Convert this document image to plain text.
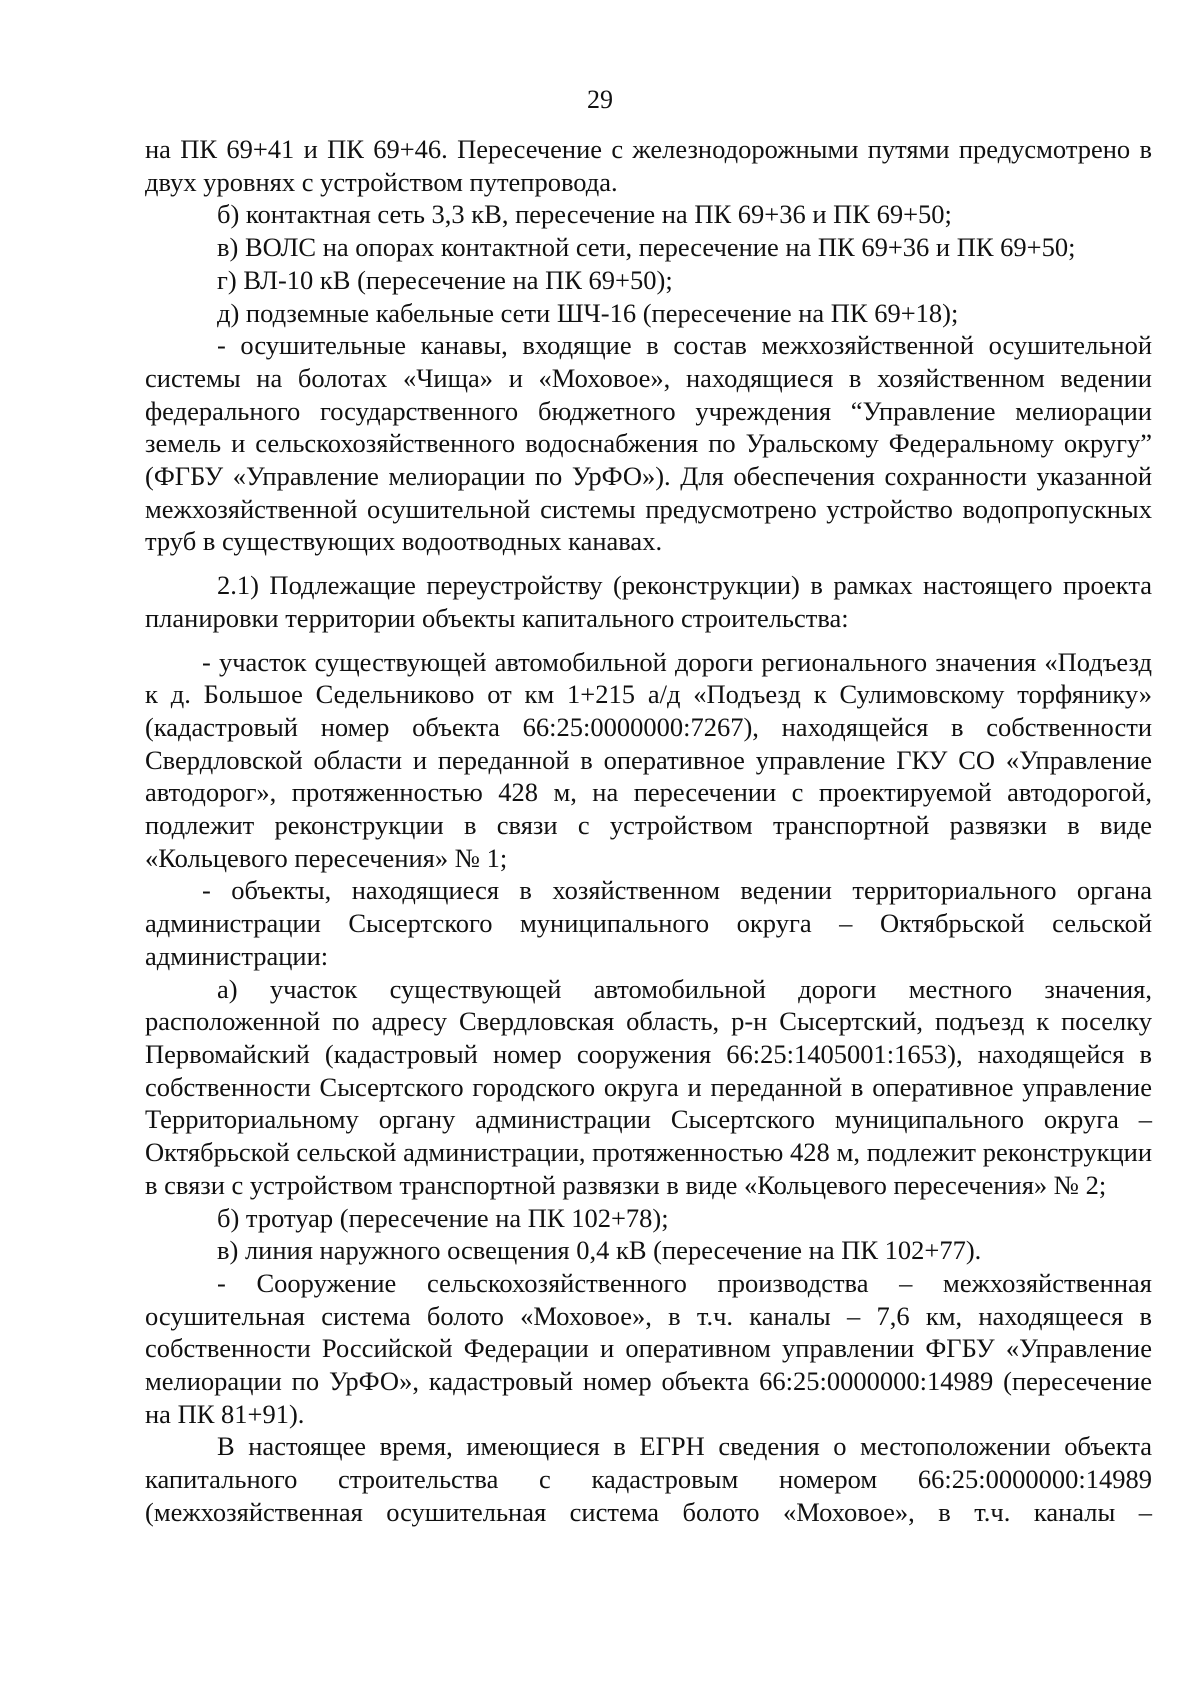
29

на ПК 69+41 и ПК 69+46. Пересечение с железнодорожными путями предусмотрено в двух уровнях с устройством путепровода.

б) контактная сеть 3,3 кВ, пересечение на ПК 69+36 и ПК 69+50;

в) ВОЛС на опорах контактной сети, пересечение на ПК 69+36 и ПК 69+50;

г) ВЛ-10 кВ (пересечение на ПК 69+50);

д) подземные кабельные сети ШЧ-16 (пересечение на ПК 69+18);

- осушительные канавы, входящие в состав межхозяйственной осушительной системы на болотах «Чища» и «Моховое», находящиеся в хозяйственном ведении федерального государственного бюджетного учреждения “Управление мелиорации земель и сельскохозяйственного водоснабжения по Уральскому Федеральному округу” (ФГБУ «Управление мелиорации по УрФО»). Для обеспечения сохранности указанной межхозяйственной осушительной системы предусмотрено устройство водопропускных труб в существующих водоотводных канавах.

2.1) Подлежащие переустройству (реконструкции) в рамках настоящего проекта планировки территории объекты капитального строительства:

- участок существующей автомобильной дороги регионального значения «Подъезд к д. Большое Седельниково от км 1+215 а/д «Подъезд к Сулимовскому торфянику» (кадастровый номер объекта 66:25:0000000:7267), находящейся в собственности Свердловской области и переданной в оперативное управление ГКУ СО «Управление автодорог», протяженностью 428 м, на пересечении с проектируемой автодорогой, подлежит реконструкции в связи с устройством транспортной развязки в виде «Кольцевого пересечения» № 1;

- объекты, находящиеся в хозяйственном ведении территориального органа администрации Сысертского муниципального округа – Октябрьской сельской администрации:

а) участок существующей автомобильной дороги местного значения, расположенной по адресу Свердловская область, р-н Сысертский, подъезд к поселку Первомайский (кадастровый номер сооружения 66:25:1405001:1653), находящейся в собственности Сысертского городского округа и переданной в оперативное управление Территориальному органу администрации Сысертского муниципального округа – Октябрьской сельской администрации, протяженностью 428 м, подлежит реконструкции в связи с устройством транспортной развязки в виде «Кольцевого пересечения» № 2;

б) тротуар (пересечение на ПК 102+78);

в) линия наружного освещения 0,4 кВ (пересечение на ПК 102+77).

- Сооружение сельскохозяйственного производства – межхозяйственная осушительная система болото «Моховое», в т.ч. каналы – 7,6 км, находящееся в собственности Российской Федерации и оперативном управлении ФГБУ «Управление мелиорации по УрФО», кадастровый номер объекта 66:25:0000000:14989 (пересечение на ПК 81+91).

В настоящее время, имеющиеся в ЕГРН сведения о местоположении объекта капитального строительства с кадастровым номером 66:25:0000000:14989 (межхозяйственная осушительная система болото «Моховое», в т.ч. каналы –
